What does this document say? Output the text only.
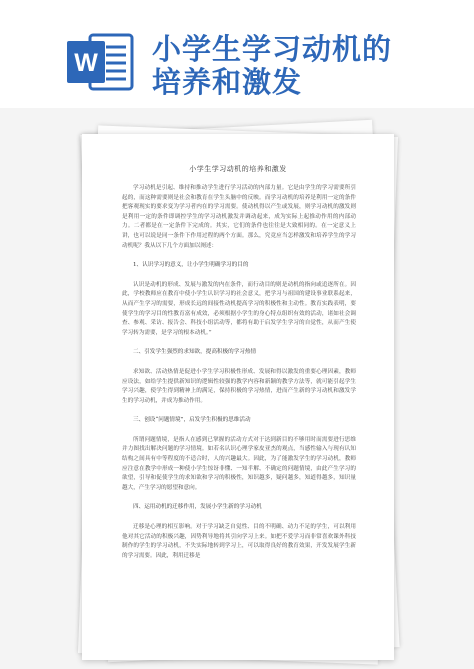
W 小学生学习动机的
培养和激发
小学生学习动机的培养和激发

学习动机是引起、维持和推动学生进行学习活动的内部力量。它是由学生的学习需要所引起的，而这种需要则是社会和教育在学生头脑中的反映。而学习动机的培养是利用一定的条件把客观现实的要求变为学习者内在的学习需要。使动机得以产生或发展，则学习动机的激发则是利用一定的条件即调控学生的学习动机激发并调动起来，成为实际上起推动作用的内部动力。二者都是在一定条件下完成的。其实，它们的条件也往往是大致相同的。在一定意义上讲，也可以说是同一条件下作用过程的两个方面。那么，究竟应当怎样激发和培养学生的学习动机呢？我从以下几个方面加以阐述：

1、认识学习的意义，让小学生明确学习的目的

认识是动机的形成、发展与激发的内在条件，而行动目的则是动机的指向或追逐所在。因此，学校教师应在教育中使小学生认识学习的社会意义，把学习与祖国的建设事业联系起来，从而产生学习的需要，形成长远的间接性动机提高学习的积极性和主动性。教育实践表明，要使学生的学习目的性教育富有成效，必须根据小学生的身心特点组织有效的活动，诸如社会调查、参观、采访、报告会、科技小组活动等，都将有助于启发学生学习的自觉性，从而产生使学习转为需要，是学习的根本动机。”

二、引发学生强烈的求知欲，提高积极的学习热情

求知欲、活动热情是促进小学生学习积极性形成、发展和得以激发的重要心理因素，教师应设法，如给学生提供新知识的逻辑性较强的教学内容和新颖的教学方法等，就可能引起学生学习兴趣，使学生得到精神上的满足，保持积极的学习热情，进而产生新的学习动机和激发学生的学习动机，并成为推动作用。

三、创设“问题情境”，启发学生积极的思维活动

所谓问题情境，是指人在感到已掌握的活动方式对于达到新目的不够用时而需要进行思维并力图找出解决问题的学习情境。如若名认识心理学家皮亚杰的观点，当感性输入与现有认知结构之间具有中等程度的不适合时，人的兴趣最大。因此，为了能激发学生的学习动机，教师应注意在教学中形成一种使小学生惊讶非懂、一知半解、不确定的问题情境，由此产生学习的欲望，引导和促使学生的求知欲和学习的积极性，知识越多，疑问越多，知道得越多，知识量越大，产生学习的愿望和意向。

四、运用动机的迁移作用，发展小学生新的学习动机

迁移是心理的相互影响。对于学习缺乏自觉性、目的不明确、动力不足的学生，可以利用他对其它活动的积极兴趣，因势利导地将其引向学习上来。如把不爱学习而非常喜欢课外科技制作的学生的学习动机，不失实际地转到学习上，可以取得良好的教育效果，开发发展学生新的学习需要。因此，利用迁移是
